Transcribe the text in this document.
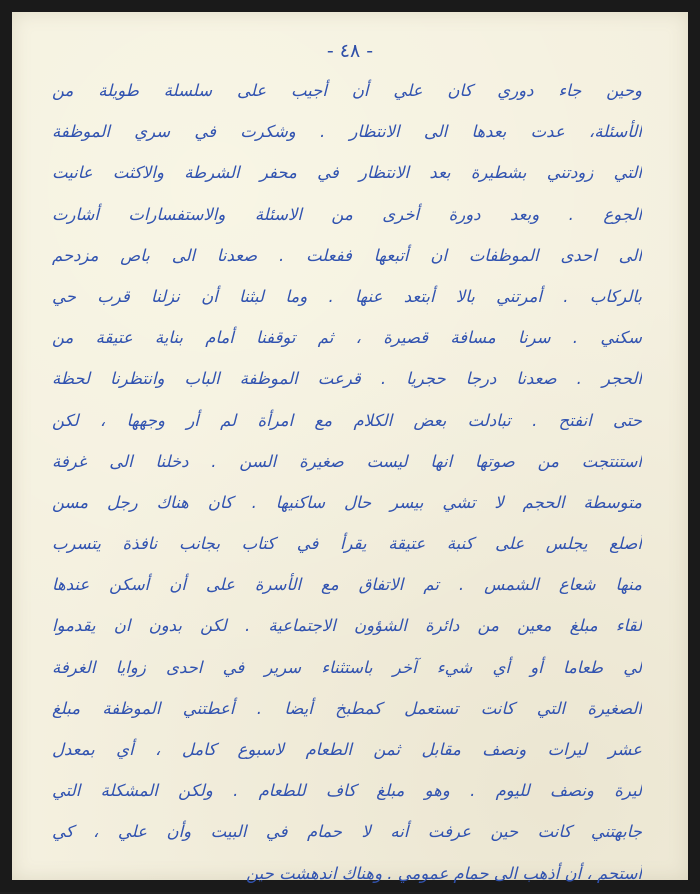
- ٤٨ -
وحين جاء دوري كان علي أن أجيب على سلسلة طويلة من
الأسئلة، عدت بعدها الى الانتظار . وشكرت في سري الموظفة
التي زودتني بشطيرة بعد الانتظار في محفر الشرطة والاكثت عانيت
الجوع . وبعد دورة أخرى من الاسئلة والاستفسارات أشارت
الى احدى الموظفات ان أتبعها ففعلت . صعدنا الى باص مزدحم
بالركاب . أمرتني بالا أبتعد عنها . وما لبثنا أن نزلنا قرب حي
سكني . سرنا مسافة قصيرة ، ثم توقفنا أمام بناية عتيقة من
الحجر . صعدنا درجا حجريا . قرعت الموظفة الباب وانتظرنا لحظة
حتى انفتح . تبادلت بعض الكلام مع امرأة لم أر وجهها ، لكن
استنتجت من صوتها انها ليست صغيرة السن . دخلنا الى غرفة
متوسطة الحجم لا تشي بيسر حال ساكنيها . كان هناك رجل مسن
أصلع يجلس على كنبة عتيقة يقرأ في كتاب بجانب نافذة يتسرب
منها شعاع الشمس . تم الاتفاق مع الأسرة على أن أسكن عندها
لقاء مبلغ معين من دائرة الشؤون الاجتماعية . لكن بدون ان يقدموا
لي طعاما أو أي شيء آخر باستثناء سرير في احدى زوايا الغرفة
الصغيرة التي كانت تستعمل كمطبخ أيضا . أعطتني الموظفة مبلغ
عشر ليرات ونصف مقابل ثمن الطعام لاسبوع كامل ، أي بمعدل
ليرة ونصف لليوم . وهو مبلغ كاف للطعام . ولكن المشكلة التي
جابهتني كانت حين عرفت أنه لا حمام في البيت وأن علي ، كي
أستحم ، أن أذهب الى حمام عمومي . وهناك اندهشت حين
